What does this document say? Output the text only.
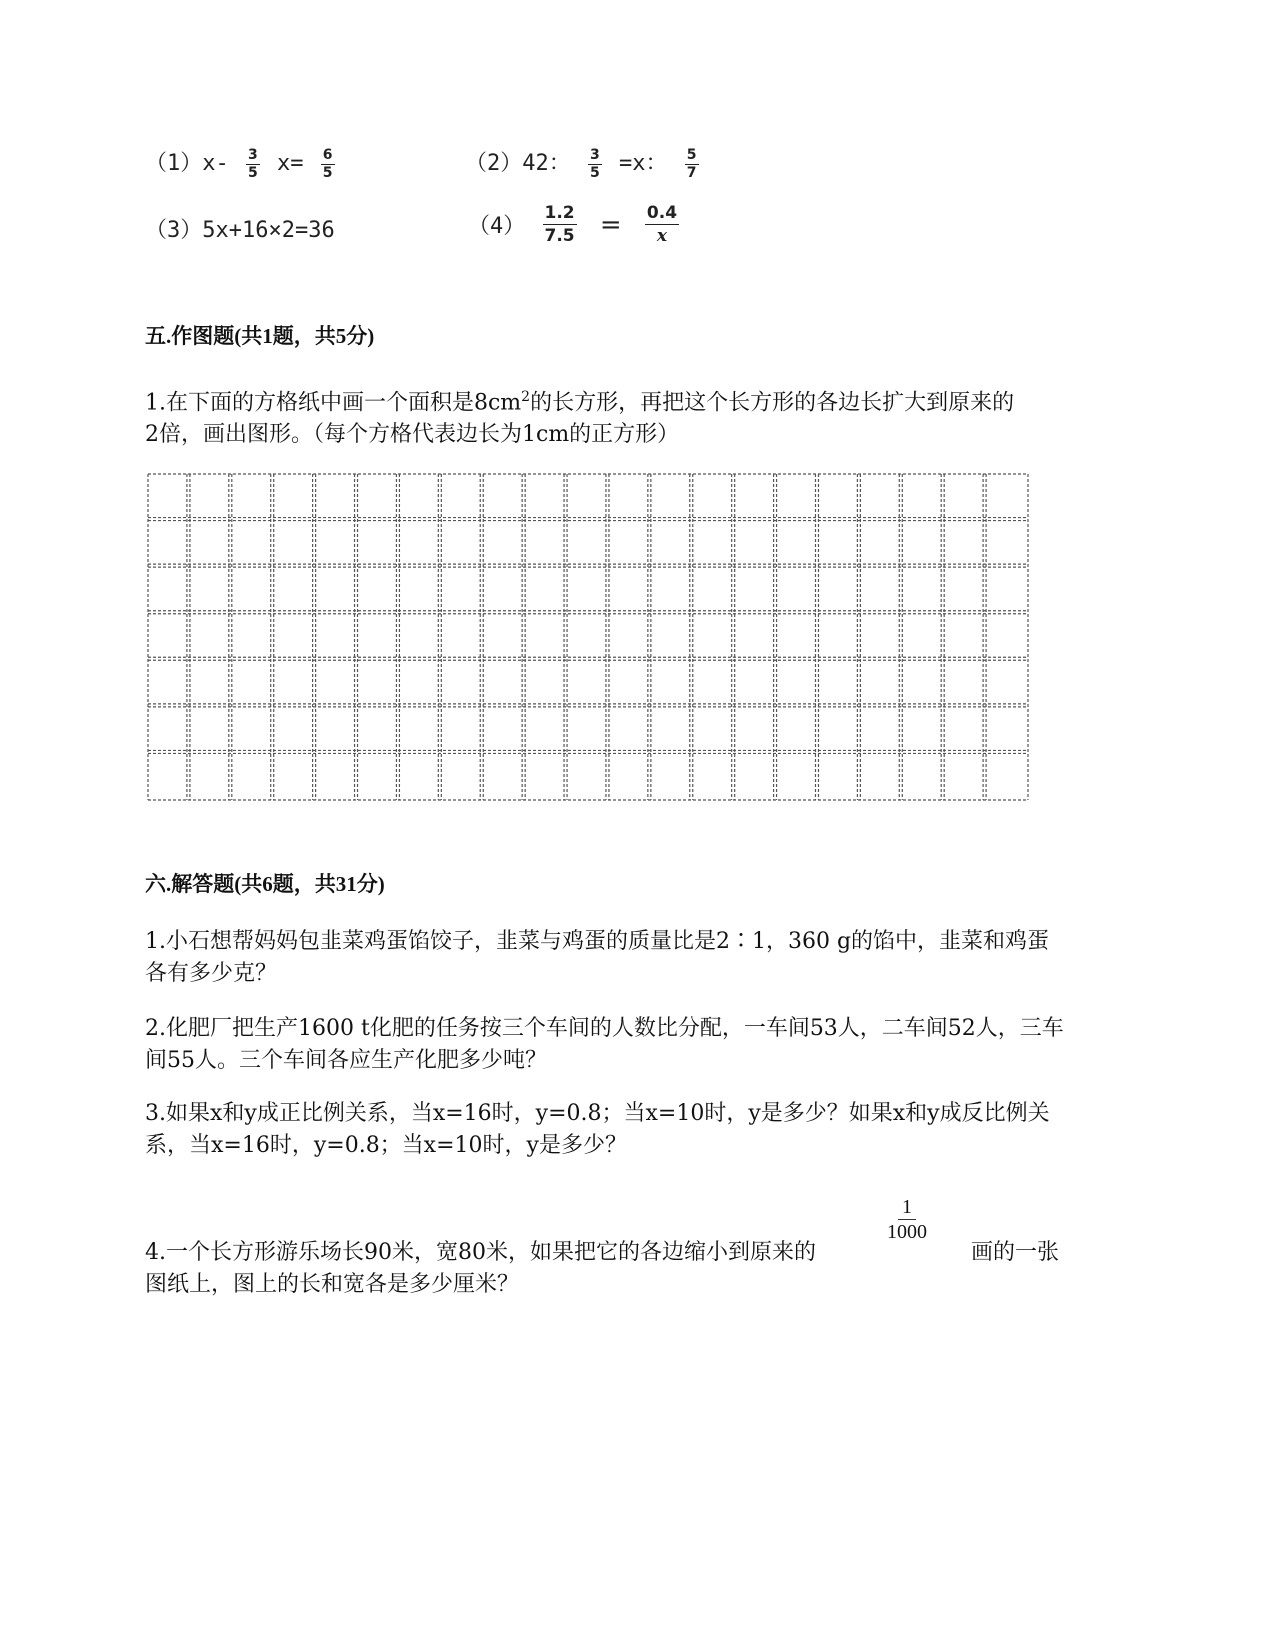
$(1)x- \frac{3}{5} x= \frac{6}{5}$	（2）42： $\frac{3}{5} =x$： $\frac{5}{7}$
（3）5x+16×2=36	$(4) \frac{1.2}{7.5} = \frac{0.4}{x}$
五.作图题(共1题，共5分)
1.在下面的方格纸中画一个面积是$8cm^2$的长方形，再把这个长方形的各边长扩大到原来的
2倍，画出图形。（每个方格代表边长为1cm的正方形）
六.解答题(共6题，共31分)
1.小石想帮妈妈包韭菜鸡蛋馅饺子，韭菜与鸡蛋的质量比是2∶1，360 g的馅中，韭菜和鸡蛋各有多少克？
2.化肥厂把生产1600 t化肥的任务按三个车间的人数比分配，一车间53人，二车间52人，三车间55人。三个车间各应生产化肥多少吨？
3.如果x和y成正比例关系，当x=16时，y=0.8；当x=10时，y是多少？如果x和y成反比例关系，当x=16时，y=0.8；当x=10时，y是多少？
4.一个长方形游乐场长90米，宽80米，如果把它的各边缩小到原来的
$\frac{1}{1000}$
画的一张
图纸上，图上的长和宽各是多少厘米？
